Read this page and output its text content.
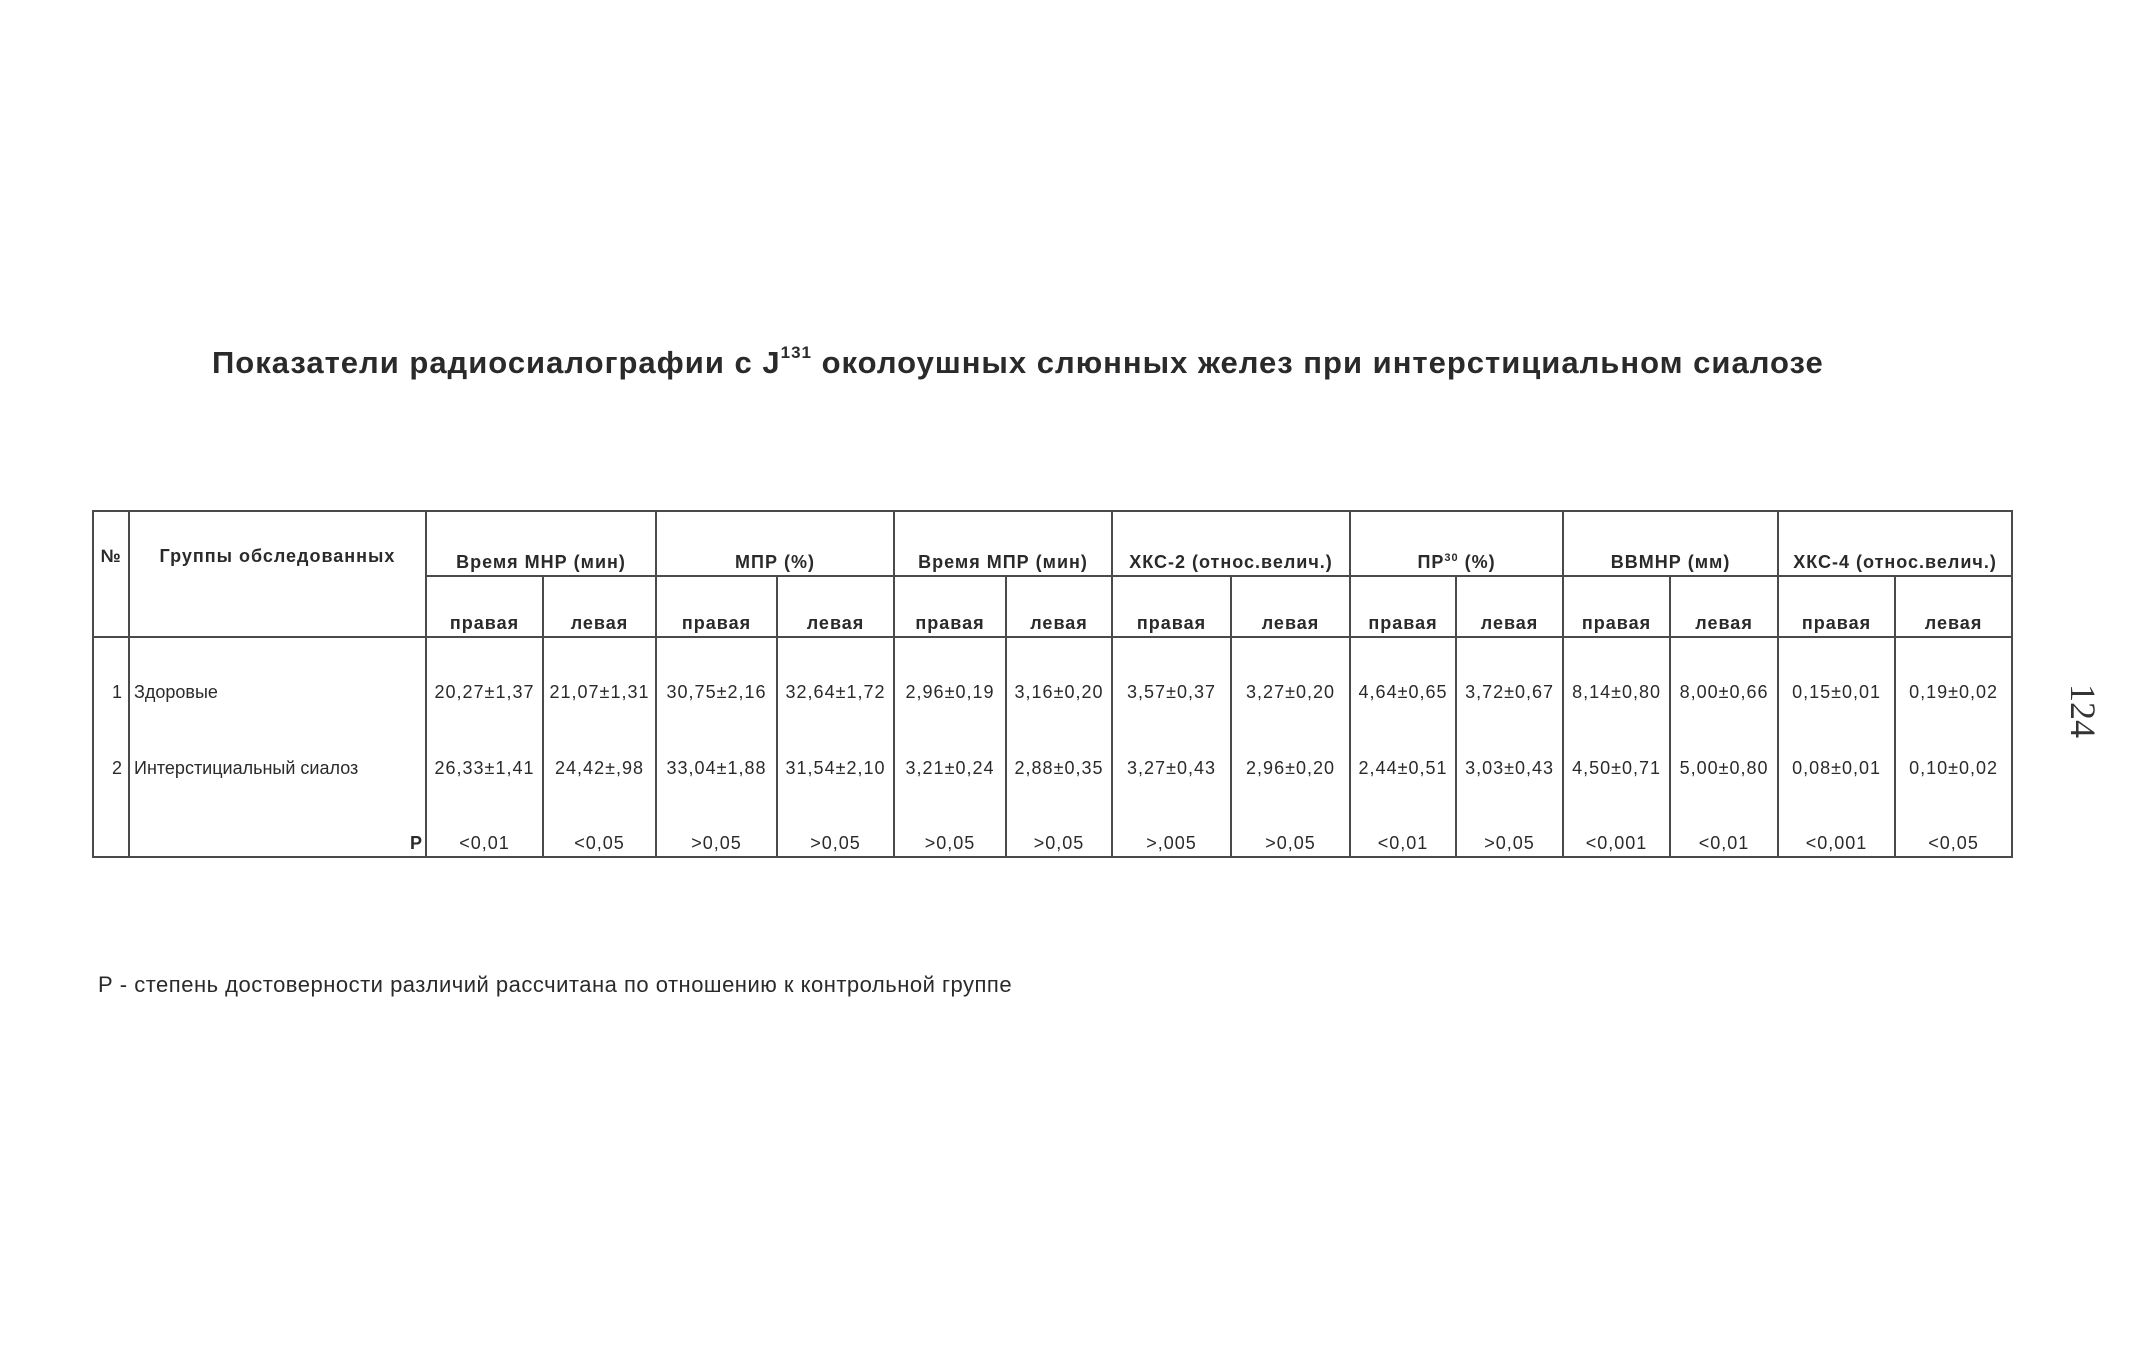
Показатели радиосиалографии с $J^{131}$ околоушных слюнных желез при интерстициальном сиалозе
№	Группы обследованных	Время МНР (мин)		МПР (%)		Время МПР (мин)		ХКС-2 (относ.велич.)		ПР$^{30}$ (%)		ВВМНР (мм)		ХКС-4 (относ.велич.)	
		правая	левая	правая	левая	правая	левая	правая	левая	правая	левая	правая	левая	правая	левая
1	Здоровые	20,27±1,37	21,07±1,31	30,75±2,16	32,64±1,72	2,96±0,19	3,16±0,20	3,57±0,37	3,27±0,20	4,64±0,65	3,72±0,67	8,14±0,80	8,00±0,66	0,15±0,01	0,19±0,02
2	Интерстициальный сиалоз	26,33±1,41	24,42±,98	33,04±1,88	31,54±2,10	3,21±0,24	2,88±0,35	3,27±0,43	2,96±0,20	2,44±0,51	3,03±0,43	4,50±0,71	5,00±0,80	0,08±0,01	0,10±0,02
	P	<0,01	<0,05	>0,05	>0,05	>0,05	>0,05	>,005	>0,05	<0,01	>0,05	<0,001	<0,01	<0,001	<0,05
Р - степень достоверности различий рассчитана по отношению к контрольной группе
124
